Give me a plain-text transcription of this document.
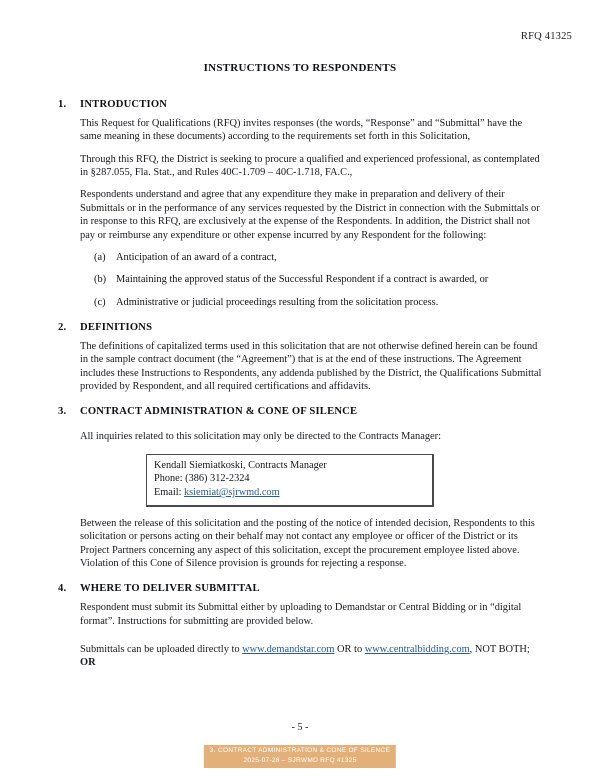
RFQ 41325
INSTRUCTIONS TO RESPONDENTS
1.	INTRODUCTION

This Request for Qualifications (RFQ) invites responses (the words, “Response” and “Submittal” have the same meaning in these documents) according to the requirements set forth in this Solicitation,

Through this RFQ, the District is seeking to procure a qualified and experienced professional, as contemplated in §287.055, Fla. Stat., and Rules 40C-1.709 – 40C-1.718, FA.C.,

Respondents understand and agree that any expenditure they make in preparation and delivery of their Submittals or in the performance of any services requested by the District in connection with the Submittals or in response to this RFQ, are exclusively at the expense of the Respondents. In addition, the District shall not pay or reimburse any expenditure or other expense incurred by any Respondent for the following:

(a)	Anticipation of an award of a contract,
(b) Maintaining the approved status of the Successful Respondent if a contract is awarded, or
(c)	Administrative or judicial proceedings resulting from the solicitation process.
2.	DEFINITIONS

The definitions of capitalized terms used in this solicitation that are not otherwise defined herein can be found in the sample contract document (the “Agreement”) that is at the end of these instructions. The Agreement includes these Instructions to Respondents, any addenda published by the District, the Qualifications Submittal provided by Respondent, and all required certifications and affidavits.

3.	CONTRACT ADMINISTRATION & CONE OF SILENCE

All inquiries related to this solicitation may only be directed to the Contracts Manager:

Kendall Siemiatkoski, Contracts Manager
Phone: (386) 312-2324
Email: ksiemiat@sjrwmd.com

Between the release of this solicitation and the posting of the notice of intended decision, Respondents to this solicitation or persons acting on their behalf may not contact any employee or officer of the District or its Project Partners concerning any aspect of this solicitation, except the procurement employee listed above. Violation of this Cone of Silence provision is grounds for rejecting a response.

4.	WHERE TO DELIVER SUBMITTAL

Respondent must submit its Submittal either by uploading to Demandstar or Central Bidding or in “digital format”. Instructions for submitting are provided below.

Submittals can be uploaded directly to www.demandstar.com OR to www.centralbidding.com, NOT BOTH; OR

- 5 -
3. CONTRACT ADMINISTRATION & CONE OF SILENCE
2025-07-28 – SJRWMD RFQ 41325
